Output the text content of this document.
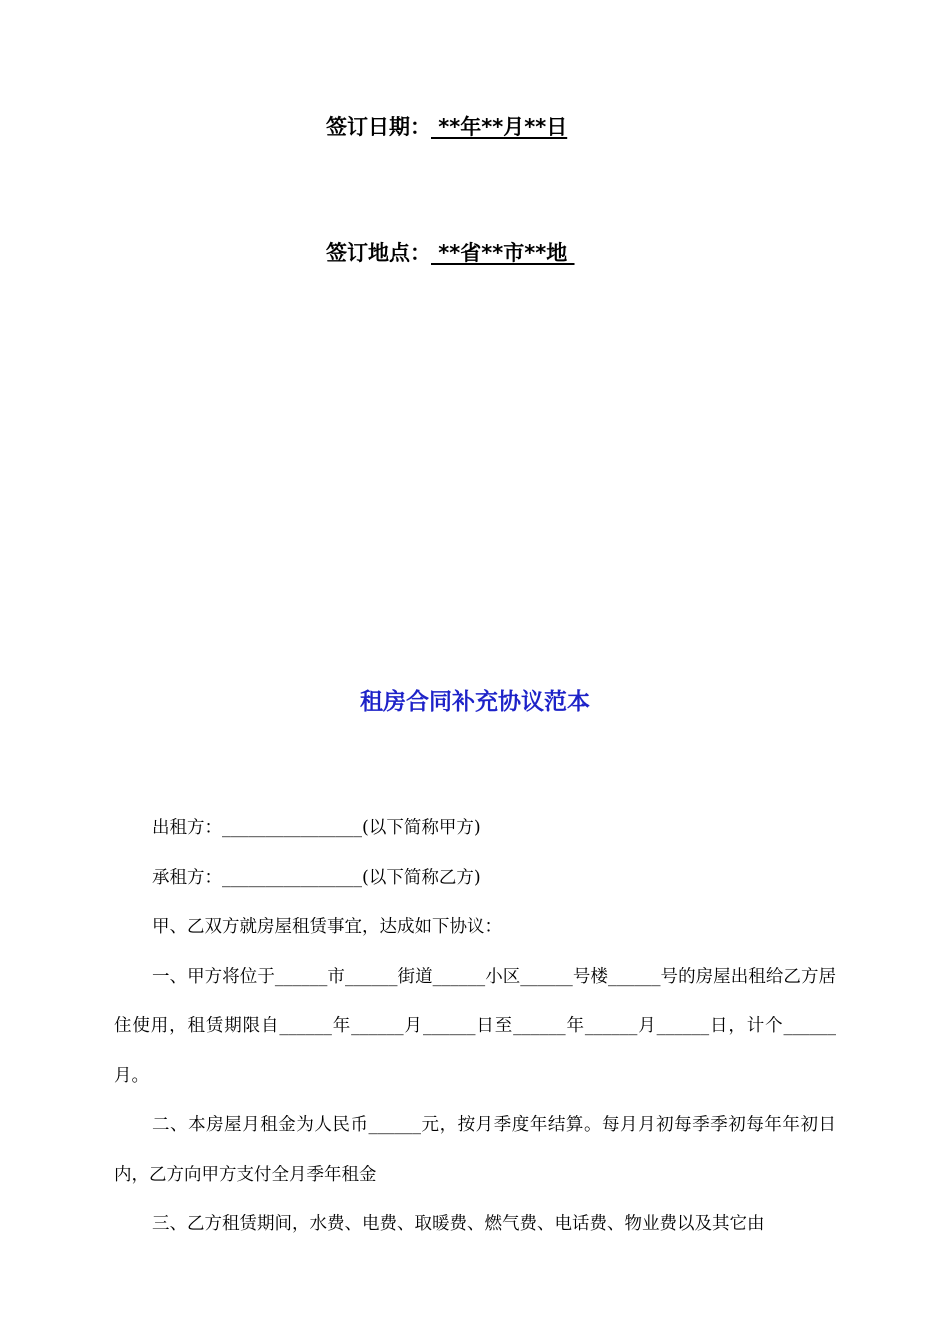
签订日期： **年**月**日
签订地点： **省**市**地
租房合同补充协议范本

出租方：________________(以下简称甲方)

承租方：________________(以下简称乙方)

甲、乙双方就房屋租赁事宜，达成如下协议：

一、甲方将位于______市______街道______小区______号楼______号的房屋出租给乙方居住使用，租赁期限自______年______月______日至______年______月______日，计个______月。

二、本房屋月租金为人民币______元，按月季度年结算。每月月初每季季初每年年初日内，乙方向甲方支付全月季年租金

三、乙方租赁期间，水费、电费、取暖费、燃气费、电话费、物业费以及其它由
